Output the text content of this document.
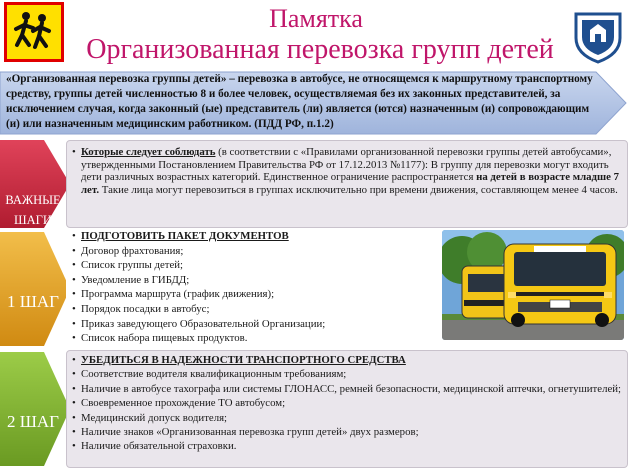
Памятка
Организованная перевозка групп детей
«Организованная перевозка группы детей» – перевозка в автобусе, не относящемся к маршрутному транспортному средству, группы детей численностью 8 и более человек, осуществляемая без их законных представителей, за исключением случая, когда законный (ые) представитель (ли) является (ются) назначенным (и) сопровождающим (и) или назначенным медицинским работником. (ПДД РФ, п.1.2)
ВАЖНЫЕ
ШАГИ
1 ШАГ
2 ШАГ
• Которые следует соблюдать (в соответствии с «Правилами организованной перевозки группы детей автобусами», утвержденными Постановлением Правительства РФ от 17.12.2013 №1177): В группу для перевозки могут входить дети различных возрастных категорий. Единственное ограничение распространяется на детей в возрасте младше 7 лет. Такие лица могут перевозиться в группах исключительно при времени движения, составляющем менее 4 часов.
• ПОДГОТОВИТЬ ПАКЕТ ДОКУМЕНТОВ
• Договор фрахтования;
• Список группы детей;
• Уведомление в ГИБДД;
• Программа маршрута (график движения);
• Порядок посадки в автобус;
• Приказ заведующего Образовательной Организации;
• Список набора пищевых продуктов.
• УБЕДИТЬСЯ В НАДЕЖНОСТИ ТРАНСПОРТНОГО СРЕДСТВА
• Соответствие водителя квалификационным требованиям;
• Наличие в автобусе тахографа или системы ГЛОНАСС, ремней безопасности, медицинской аптечки, огнетушителей;
• Своевременное прохождение ТО автобусом;
• Медицинский допуск водителя;
• Наличие знаков «Организованная перевозка групп детей» двух размеров;
• Наличие обязательной страховки.
